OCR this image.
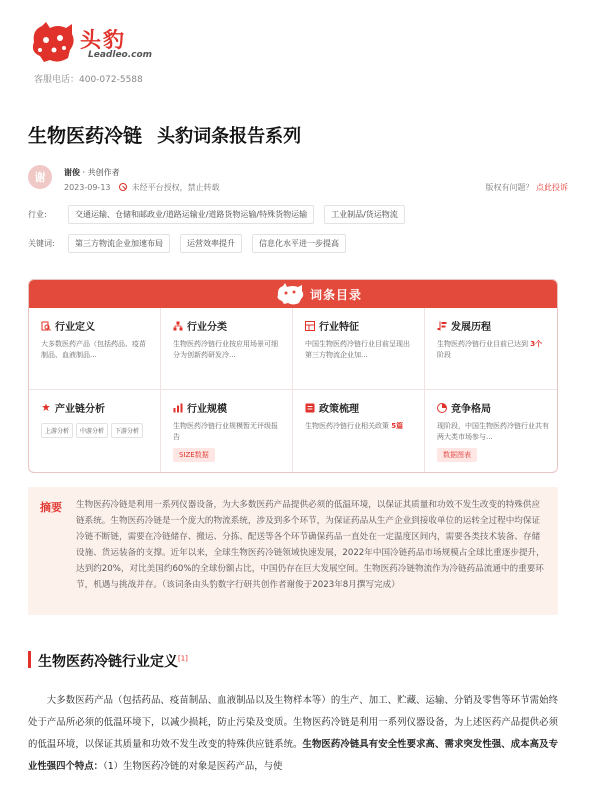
头豹
Leadleo.com
客服电话：400-072-5588
生物医药冷链 头豹词条报告系列
谢	谢俊 · 共创作者
2023-09-13	未经平台授权，禁止转载	版权有问题？ 点此投诉
行业:	交通运输、仓储和邮政业/道路运输业/道路货物运输/特殊货物运输	工业制品/货运物流
关键词:	第三方物流企业加速布局	运营效率提升	信息化水平进一步提高
词条目录
行业定义
大多数医药产品（包括药品、疫苗制品、血液制品...
行业分类
生物医药冷链行业按应用场景可细分为创新药研发冷...
行业特征
中国生物医药冷链行业目前呈现出第三方物流企业加...
发展历程
生物医药冷链行业目前已达到 3个阶段
产业链分析
上游分析	中游分析	下游分析
行业规模
生物医药冷链行业规模暂无评级报告
SIZE数据
政策梳理
生物医药冷链行业相关政策 5篇
竞争格局
现阶段，中国生物医药冷链行业共有两大类市场参与...
数据图表
摘要 生物医药冷链是利用一系列仪器设备，为大多数医药产品提供必须的低温环境，以保证其质量和功效不发生改变的特殊供应链系统。生物医药冷链是一个庞大的物流系统，涉及到多个环节，为保证药品从生产企业到接收单位的运转全过程中均保证冷链不断链，需要在冷链储存、搬运、分拣、配送等各个环节确保药品一直处在一定温度区间内，需要各类技术装备、存储设施、货运装备的支撑。近年以来，全球生物医药冷链领域快速发展，2022年中国冷链药品市场规模占全球比重逐步提升，达到约20%，对比美国约60%的全球份额占比，中国仍存在巨大发展空间。生物医药冷链物流作为冷链药品流通中的重要环节，机遇与挑战并存。（该词条由头豹数字行研共创作者谢俊于2023年8月撰写完成）
生物医药冷链行业定义[1]
大多数医药产品（包括药品、疫苗制品、血液制品以及生物样本等）的生产、加工、贮藏、运输、分销及零售等环节需始终处于产品所必须的低温环境下，以减少损耗，防止污染及变质。生物医药冷链是利用一系列仪器设备，为上述医药产品提供必须的低温环境，以保证其质量和功效不发生改变的特殊供应链系统。生物医药冷链具有安全性要求高、需求突发性强、成本高及专业性强四个特点：（1）生物医药冷链的对象是医药产品，与使
